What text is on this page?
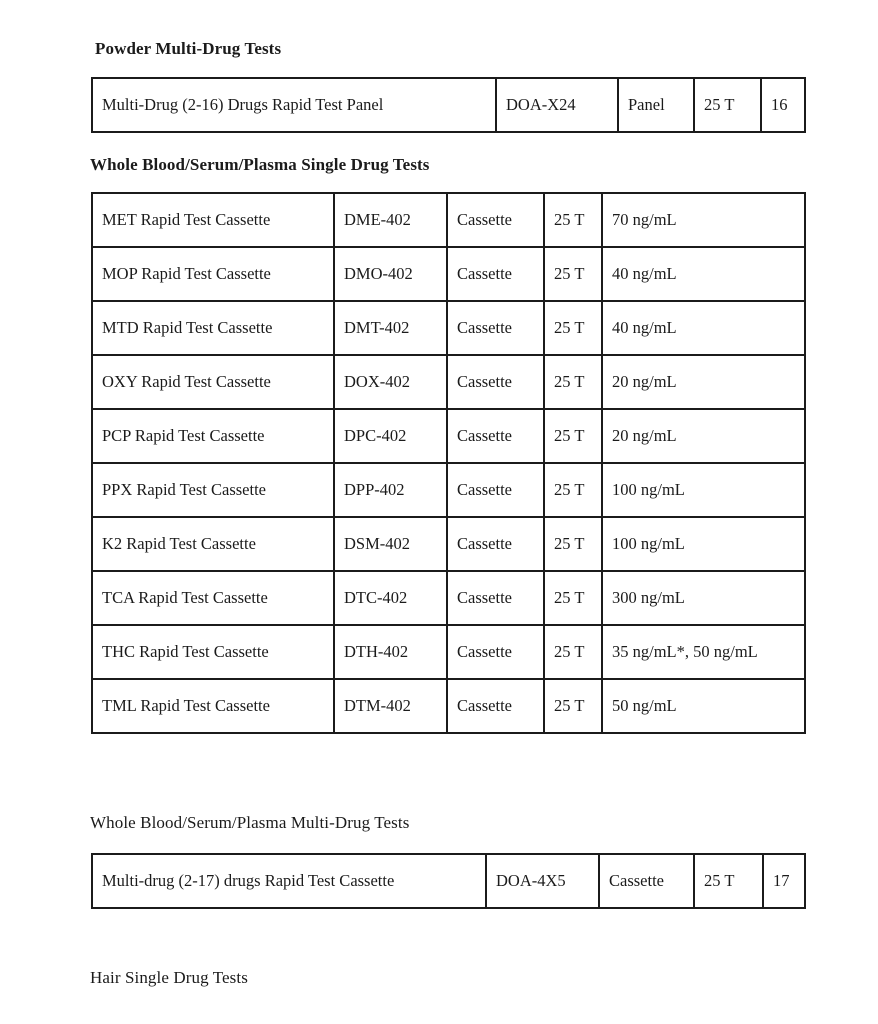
Powder Multi-Drug Tests
Multi-Drug (2-16) Drugs Rapid Test Panel	DOA-X24	Panel	25 T	16
Whole Blood/Serum/Plasma Single Drug Tests
MET Rapid Test Cassette	DME-402	Cassette	25 T	70 ng/mL
MOP Rapid Test Cassette	DMO-402	Cassette	25 T	40 ng/mL
MTD Rapid Test Cassette	DMT-402	Cassette	25 T	40 ng/mL
OXY Rapid Test Cassette	DOX-402	Cassette	25 T	20 ng/mL
PCP Rapid Test Cassette	DPC-402	Cassette	25 T	20 ng/mL
PPX Rapid Test Cassette	DPP-402	Cassette	25 T	100 ng/mL
K2 Rapid Test Cassette	DSM-402	Cassette	25 T	100 ng/mL
TCA Rapid Test Cassette	DTC-402	Cassette	25 T	300 ng/mL
THC Rapid Test Cassette	DTH-402	Cassette	25 T	35 ng/mL*, 50 ng/mL
TML Rapid Test Cassette	DTM-402	Cassette	25 T	50 ng/mL
Whole Blood/Serum/Plasma Multi-Drug Tests
Multi-drug (2-17) drugs Rapid Test Cassette	DOA-4X5	Cassette	25 T	17
Hair Single Drug Tests
